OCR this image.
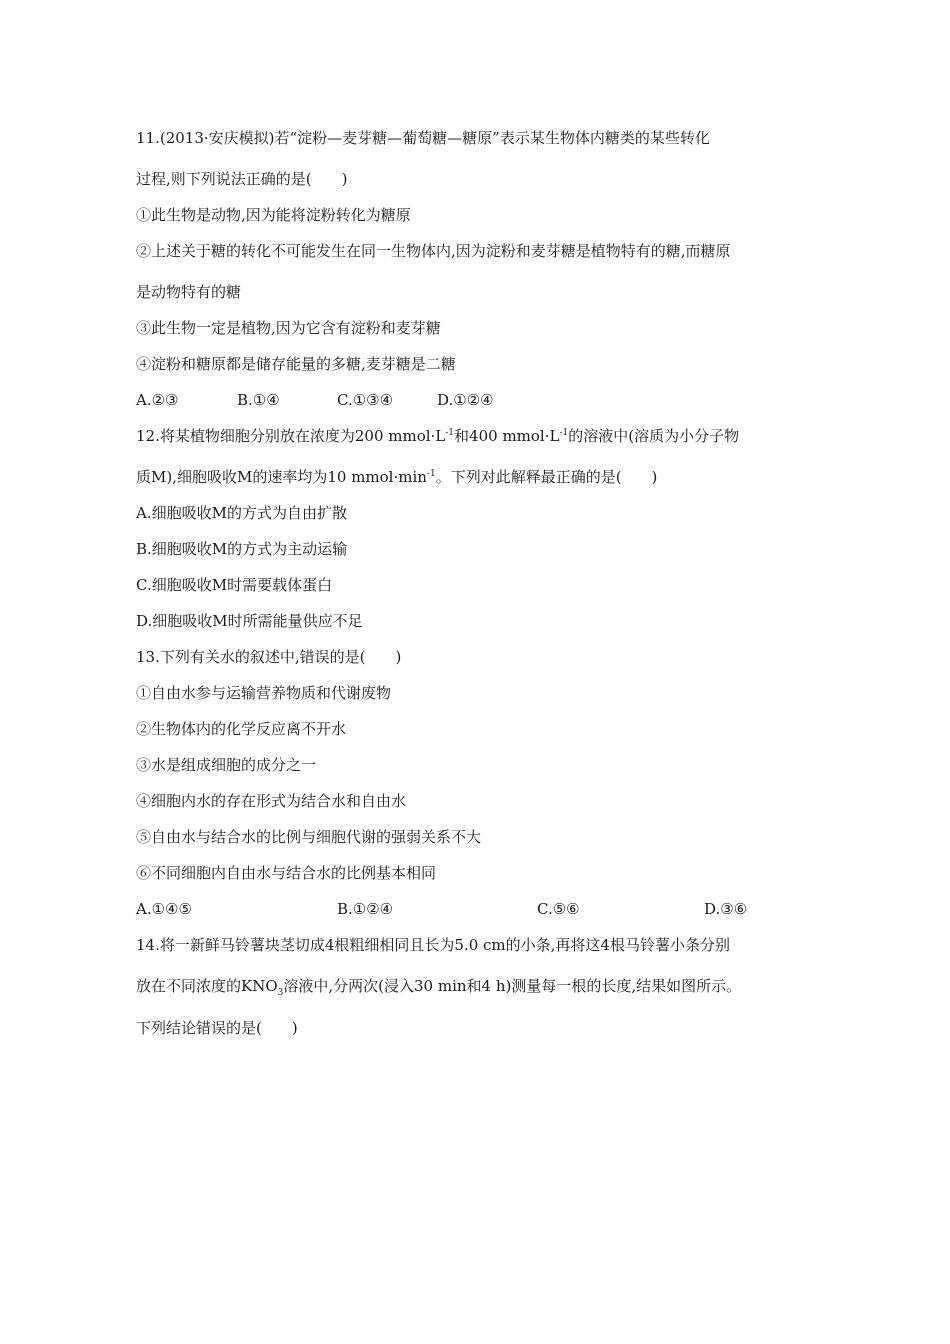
11.(2013·安庆模拟)若“淀粉—麦芽糖—葡萄糖—糖原”表示某生物体内糖类的某些转化
过程,则下列说法正确的是(　　)
①此生物是动物,因为能将淀粉转化为糖原
②上述关于糖的转化不可能发生在同一生物体内,因为淀粉和麦芽糖是植物特有的糖,而糖原
是动物特有的糖
③此生物一定是植物,因为它含有淀粉和麦芽糖
④淀粉和糖原都是储存能量的多糖,麦芽糖是二糖
A.②③	B.①④	C.①③④	D.①②④
12.将某植物细胞分别放在浓度为200 $mmol\cdot L^{-1}$和400 $mmol\cdot L^{-1}$的溶液中(溶质为小分子物
质M),细胞吸收M的速率均为10 $mmol\cdot\min^{-1}$。下列对此解释最正确的是(　　)
A.细胞吸收M的方式为自由扩散
B.细胞吸收M的方式为主动运输
C.细胞吸收M时需要载体蛋白
D.细胞吸收M时所需能量供应不足
13.下列有关水的叙述中,错误的是(　　)
①自由水参与运输营养物质和代谢废物
②生物体内的化学反应离不开水
③水是组成细胞的成分之一
④细胞内水的存在形式为结合水和自由水
⑤自由水与结合水的比例与细胞代谢的强弱关系不大
⑥不同细胞内自由水与结合水的比例基本相同
A.①④⑤	B.①②④	C.⑤⑥	D.③⑥
14.将一新鲜马铃薯块茎切成4根粗细相同且长为5.0 cm的小条,再将这4根马铃薯小条分别
放在不同浓度的$KNO_3$溶液中,分两次(浸入30 min和4 h)测量每一根的长度,结果如图所示。
下列结论错误的是(　　)
